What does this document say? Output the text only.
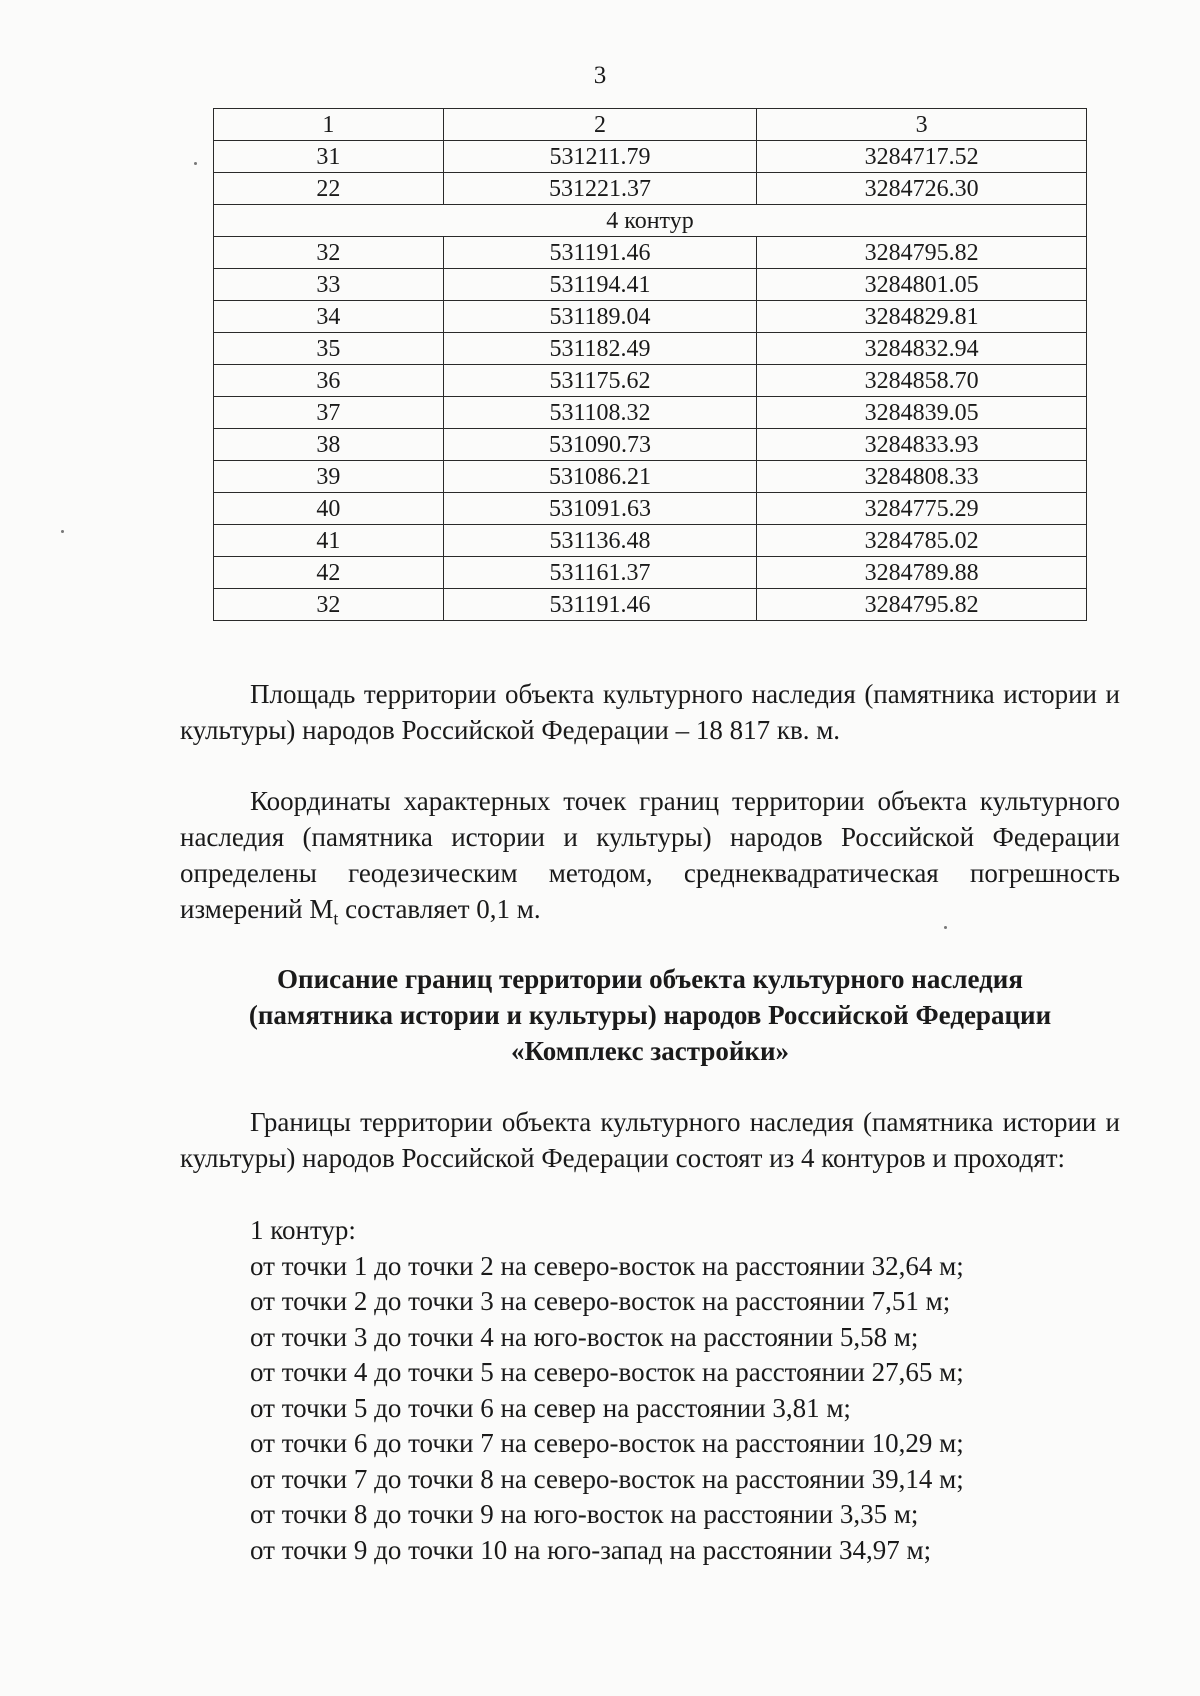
3
1	2	3
31	531211.79	3284717.52
22	531221.37	3284726.30
4 контур		
32	531191.46	3284795.82
33	531194.41	3284801.05
34	531189.04	3284829.81
35	531182.49	3284832.94
36	531175.62	3284858.70
37	531108.32	3284839.05
38	531090.73	3284833.93
39	531086.21	3284808.33
40	531091.63	3284775.29
41	531136.48	3284785.02
42	531161.37	3284789.88
32	531191.46	3284795.82

Площадь территории объекта культурного наследия (памятника истории и культуры) народов Российской Федерации – 18 817 кв. м.

Координаты характерных точек границ территории объекта культурного наследия (памятника истории и культуры) народов Российской Федерации определены геодезическим методом, среднеквадратическая погрешность измерений $M_t$ составляет 0,1 м.

Описание границ территории объекта культурного наследия
(памятника истории и культуры) народов Российской Федерации
«Комплекс застройки»

Границы территории объекта культурного наследия (памятника истории и культуры) народов Российской Федерации состоят из 4 контуров и проходят:

1 контур:
от точки 1 до точки 2 на северо-восток на расстоянии 32,64 м;
от точки 2 до точки 3 на северо-восток на расстоянии 7,51 м;
от точки 3 до точки 4 на юго-восток на расстоянии 5,58 м;
от точки 4 до точки 5 на северо-восток на расстоянии 27,65 м;
от точки 5 до точки 6 на север на расстоянии 3,81 м;
от точки 6 до точки 7 на северо-восток на расстоянии 10,29 м;
от точки 7 до точки 8 на северо-восток на расстоянии 39,14 м;
от точки 8 до точки 9 на юго-восток на расстоянии 3,35 м;
от точки 9 до точки 10 на юго-запад на расстоянии 34,97 м;
